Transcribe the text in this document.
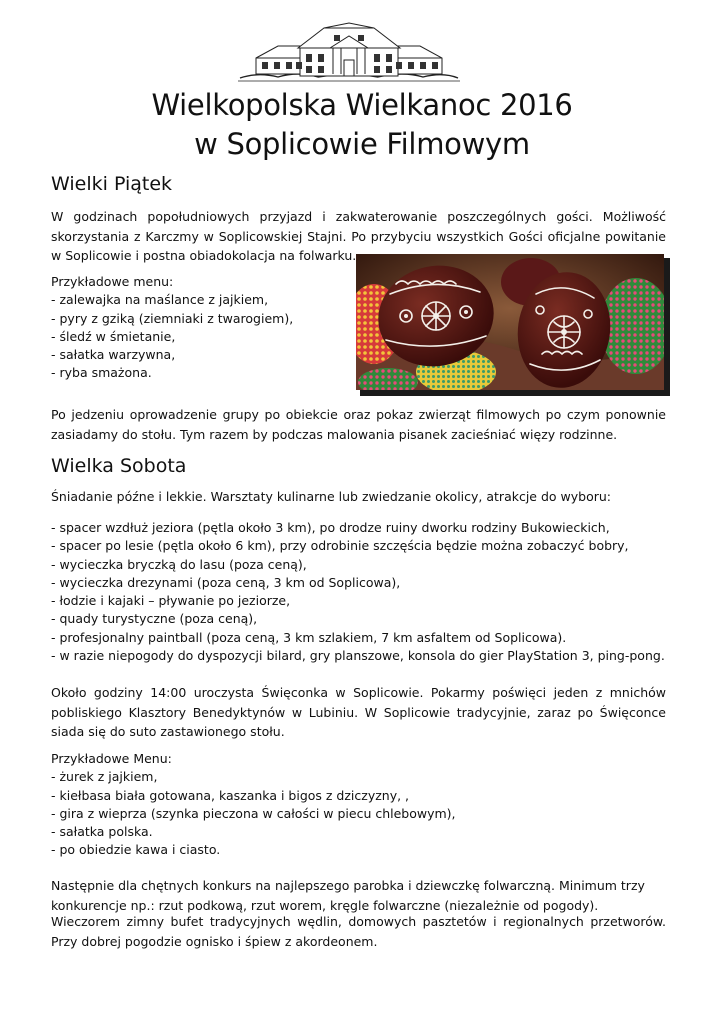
Wielkopolska Wielkanoc 2016
w Soplicowie Filmowym
Wielki Piątek
W godzinach popołudniowych przyjazd i zakwaterowanie poszczególnych gości. Możliwość skorzystania z Karczmy w Soplicowskiej Stajni. Po przybyciu wszystkich Gości oficjalne powitanie w Soplicowie i postna obiadokolacja na folwarku.
Przykładowe menu:
- zalewajka na maślance z jajkiem,
- pyry z gziką (ziemniaki z twarogiem),
- śledź w śmietanie,
- sałatka warzywna,
- ryba smażona.
Po jedzeniu oprowadzenie grupy po obiekcie oraz pokaz zwierząt filmowych po czym ponownie zasiadamy do stołu. Tym razem by podczas malowania pisanek zacieśniać więzy rodzinne.
Wielka Sobota
Śniadanie późne i lekkie. Warsztaty kulinarne lub zwiedzanie okolicy, atrakcje do wyboru:
- spacer wzdłuż jeziora (pętla około 3 km), po drodze ruiny dworku rodziny Bukowieckich,
- spacer po lesie (pętla około 6 km), przy odrobinie szczęścia będzie można zobaczyć bobry,
- wycieczka bryczką do lasu (poza ceną),
- wycieczka drezynami (poza ceną, 3 km od Soplicowa),
- łodzie i kajaki – pływanie po jeziorze,
- quady turystyczne (poza ceną),
- profesjonalny paintball (poza ceną, 3 km szlakiem, 7 km asfaltem od Soplicowa).
- w razie niepogody do dyspozycji bilard, gry planszowe, konsola do gier PlayStation 3, ping-pong.
Około godziny 14:00 uroczysta Święconka w Soplicowie. Pokarmy poświęci jeden z mnichów pobliskiego Klasztory Benedyktynów w Lubiniu. W Soplicowie tradycyjnie, zaraz po Święconce siada się do suto zastawionego stołu.
Przykładowe Menu:
- żurek z jajkiem,
- kiełbasa biała gotowana, kaszanka i bigos z dziczyzny, ,
- gira z wieprza (szynka pieczona w całości w piecu chlebowym),
- sałatka polska.
- po obiedzie kawa i ciasto.
Następnie dla chętnych konkurs na najlepszego parobka i dziewczkę folwarczną. Minimum trzy konkurencje np.: rzut podkową, rzut worem, kręgle folwarczne (niezależnie od pogody).
Wieczorem zimny bufet tradycyjnych wędlin, domowych pasztetów i regionalnych przetworów. Przy dobrej pogodzie ognisko i śpiew z akordeonem.
